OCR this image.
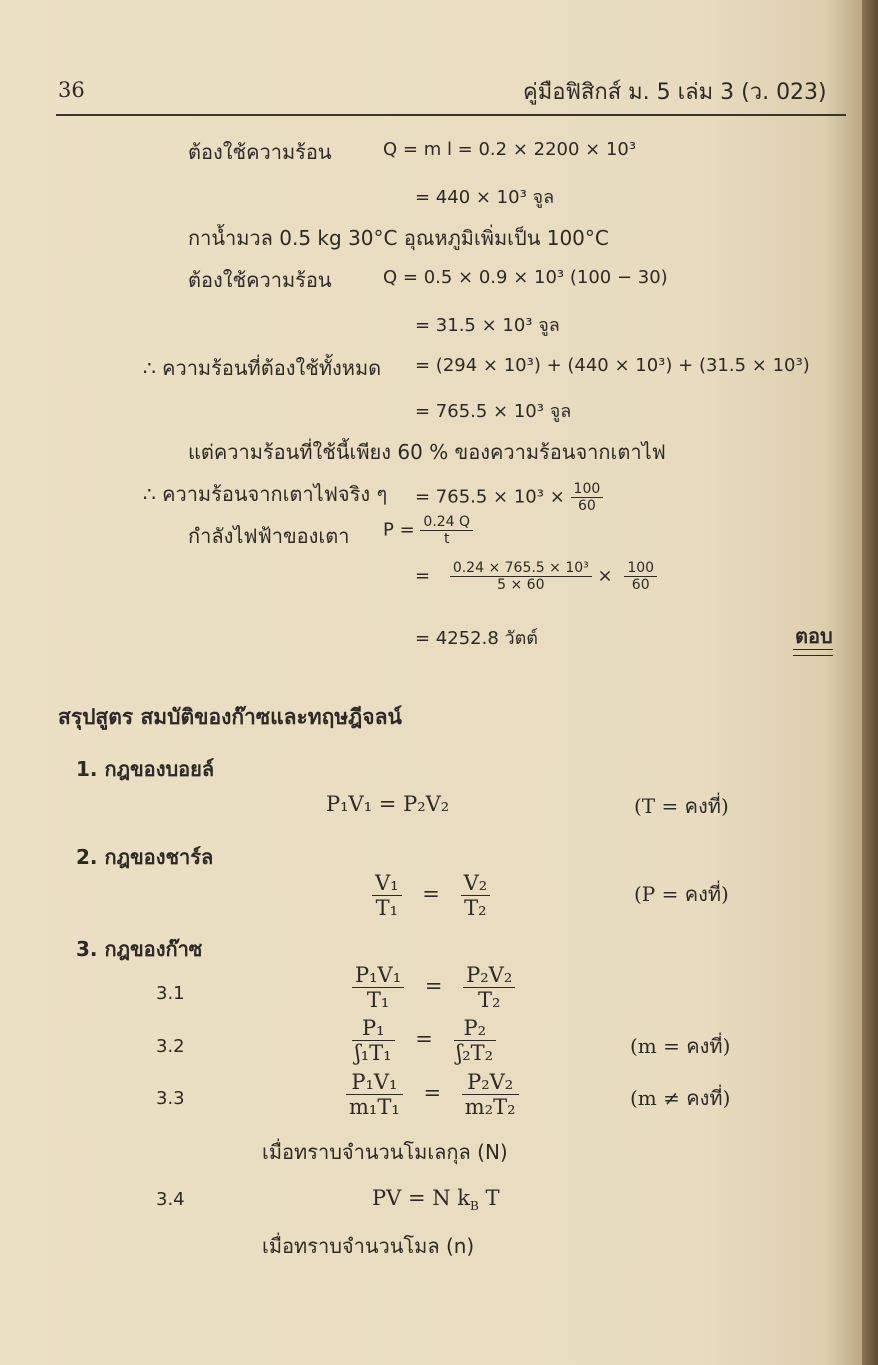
36	คู่มือฟิสิกส์ ม. 5 เล่ม 3 (ว. 023)
ต้องใช้ความร้อน	Q = m l = 0.2 × 2200 × 10³
= 440 × 10³ จูล
กาน้ำมวล 0.5 kg 30°C อุณหภูมิเพิ่มเป็น 100°C
ต้องใช้ความร้อน	Q = 0.5 × 0.9 × 10³ (100 − 30)
= 31.5 × 10³ จูล
∴ ความร้อนที่ต้องใช้ทั้งหมด = (294 × 10³) + (440 × 10³) + (31.5 × 10³)
= 765.5 × 10³ จูล
แต่ความร้อนที่ใช้นี้เพียง 60 % ของความร้อนจากเตาไฟ
∴ ความร้อนจากเตาไฟจริง ๆ = $765.5 \times 10^3 \times \frac{100}{60}$
กำลังไฟฟ้าของเตา $P = \frac{0.24 Q}{t}$
= $\frac{\text{0.24 × 765.5 × 10³}}{5 \times 60} \times \frac{100}{60}$
= 4252.8 วัตต์	ตอบ
สรุปสูตร สมบัติของก๊าซและทฤษฎีจลน์
1. กฎของบอยล์
P₁V₁ = P₂V₂	(T = คงที่)
2. กฎของชาร์ล
$\frac{\text{V₁}}{\text{T₁}} = \frac{\text{V₂}}{\text{T₂}}$	(P = คงที่)
3. กฎของก๊าซ
3.1	$\frac{\text{P₁V₁}}{\text{T₁}} = \frac{\text{P₂V₂}}{\text{T₂}}$
3.2	$\frac{\text{P₁}}{\text{ʃ₁T₁}} = \frac{\text{P₂}}{\text{ʃ₂T₂}}$	(m = คงที่)
3.3	$\frac{\text{P₁V₁}}{\text{m₁T₁}} = \frac{\text{P₂V₂}}{\text{m₂T₂}}$	(m ≠ คงที่)
เมื่อทราบจำนวนโมเลกุล (N)
3.4	PV = N $k_B$ T
เมื่อทราบจำนวนโมล (n)
